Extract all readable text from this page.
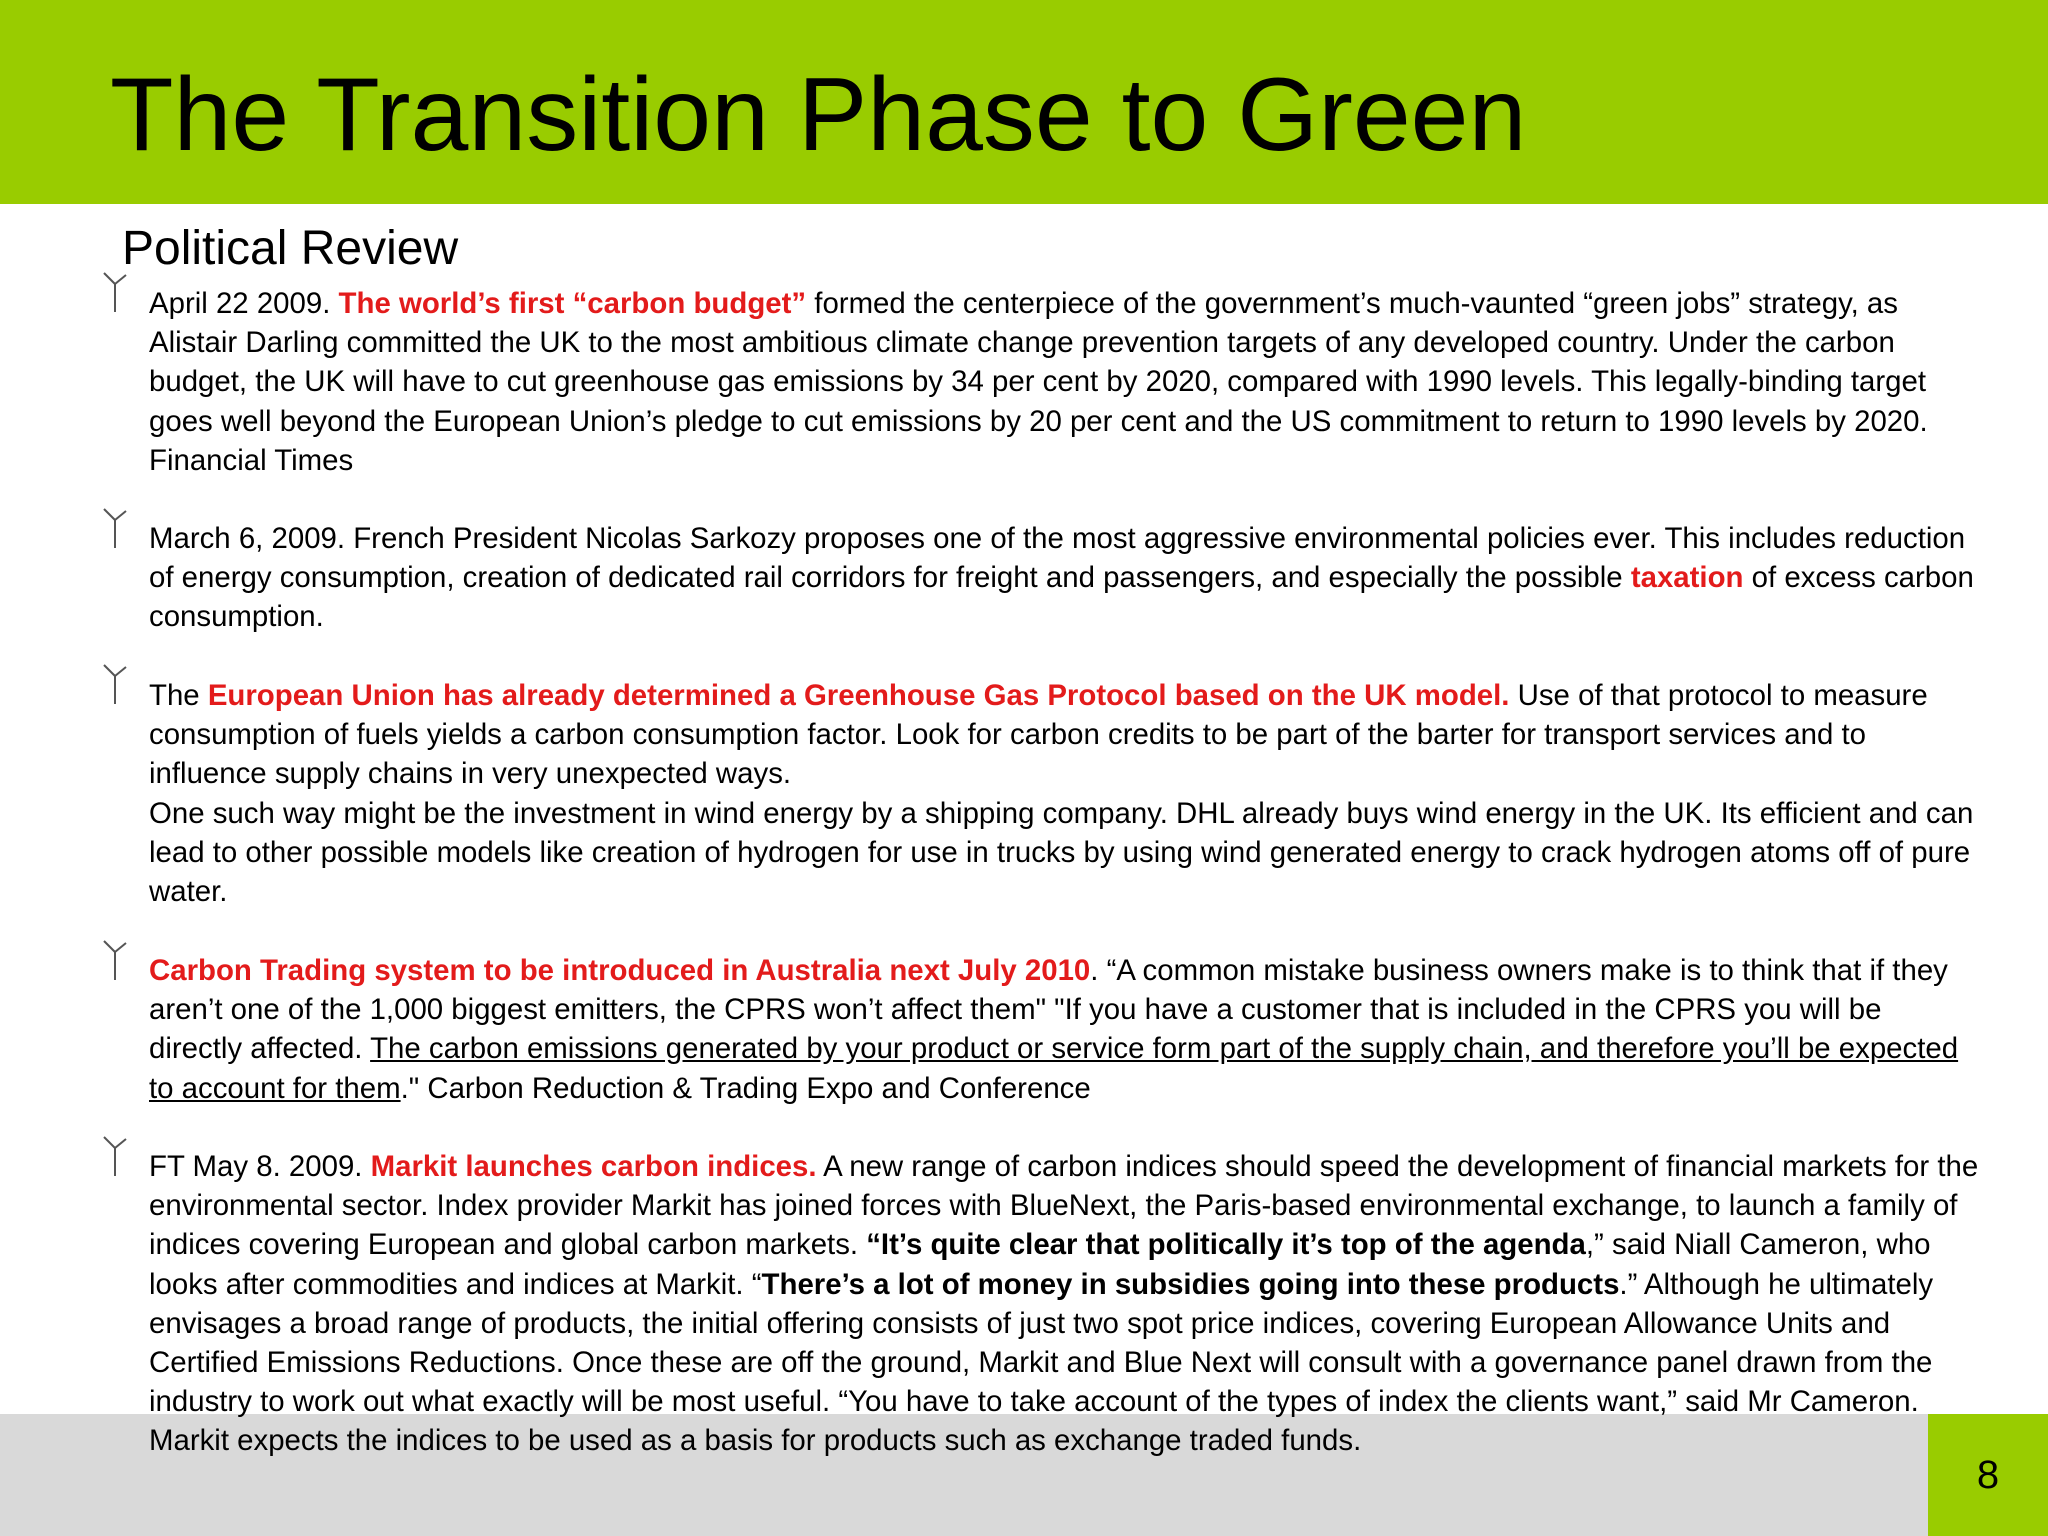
The Transition Phase to Green
8
Political Review

April 22 2009. The world’s first “carbon budget” formed the centerpiece of the government’s much-vaunted “green jobs” strategy, as Alistair Darling committed the UK to the most ambitious climate change prevention targets of any developed country. Under the carbon budget, the UK will have to cut greenhouse gas emissions by 34 per cent by 2020, compared with 1990 levels. This legally-binding target goes well beyond the European Union’s pledge to cut emissions by 20 per cent and the US commitment to return to 1990 levels by 2020. Financial Times

March 6, 2009. French President Nicolas Sarkozy proposes one of the most aggressive environmental policies ever. This includes reduction of energy consumption, creation of dedicated rail corridors for freight and passengers, and especially the possible taxation of excess carbon consumption.

The European Union has already determined a Greenhouse Gas Protocol based on the UK model. Use of that protocol to measure consumption of fuels yields a carbon consumption factor. Look for carbon credits to be part of the barter for transport services and to influence supply chains in very unexpected ways.
One such way might be the investment in wind energy by a shipping company. DHL already buys wind energy in the UK. Its efficient and can lead to other possible models like creation of hydrogen for use in trucks by using wind generated energy to crack hydrogen atoms off of pure water.

Carbon Trading system to be introduced in Australia next July 2010. “A common mistake business owners make is to think that if they aren’t one of the 1,000 biggest emitters, the CPRS won’t affect them" "If you have a customer that is included in the CPRS you will be directly affected. The carbon emissions generated by your product or service form part of the supply chain, and therefore you’ll be expected to account for them." Carbon Reduction & Trading Expo and Conference

FT May 8. 2009. Markit launches carbon indices. A new range of carbon indices should speed the development of financial markets for the environmental sector. Index provider Markit has joined forces with BlueNext, the Paris-based environmental exchange, to launch a family of indices covering European and global carbon markets. “It’s quite clear that politically it’s top of the agenda,” said Niall Cameron, who looks after commodities and indices at Markit. “There’s a lot of money in subsidies going into these products.” Although he ultimately envisages a broad range of products, the initial offering consists of just two spot price indices, covering European Allowance Units and Certified Emissions Reductions. Once these are off the ground, Markit and Blue Next will consult with a governance panel drawn from the industry to work out what exactly will be most useful. “You have to take account of the types of index the clients want,” said Mr Cameron. Markit expects the indices to be used as a basis for products such as exchange traded funds.
